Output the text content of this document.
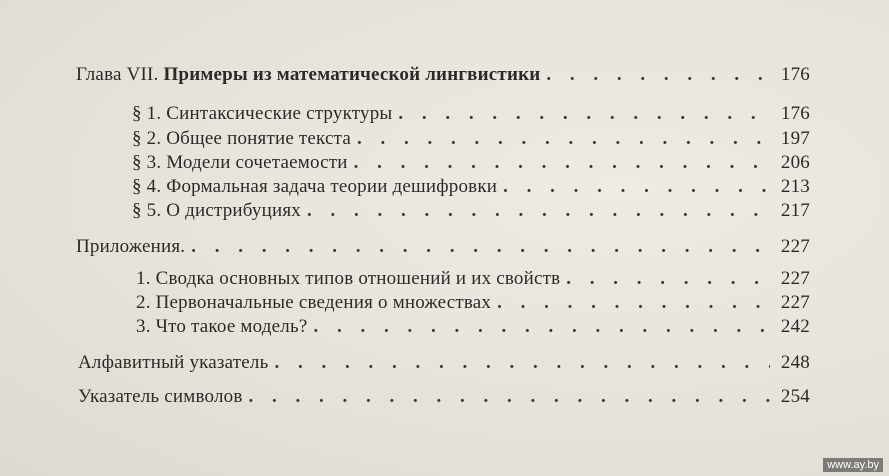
Глава VII. Примеры из математической лингвистики . . .	176
§ 1. Синтаксические структуры . . .	176
§ 2. Общее понятие текста . . .	197
§ 3. Модели сочетаемости . . .	206
§ 4. Формальная задача теории дешифровки . . .	213
§ 5. О дистрибуциях . . .	217
Приложения. . . .	227
1. Сводка основных типов отношений и их свойств . . .	227
2. Первоначальные сведения о множествах . . .	227
3. Что такое модель? . . .	242
Алфавитный указатель . . .	248
Указатель символов . . .	254
www.ay.by
